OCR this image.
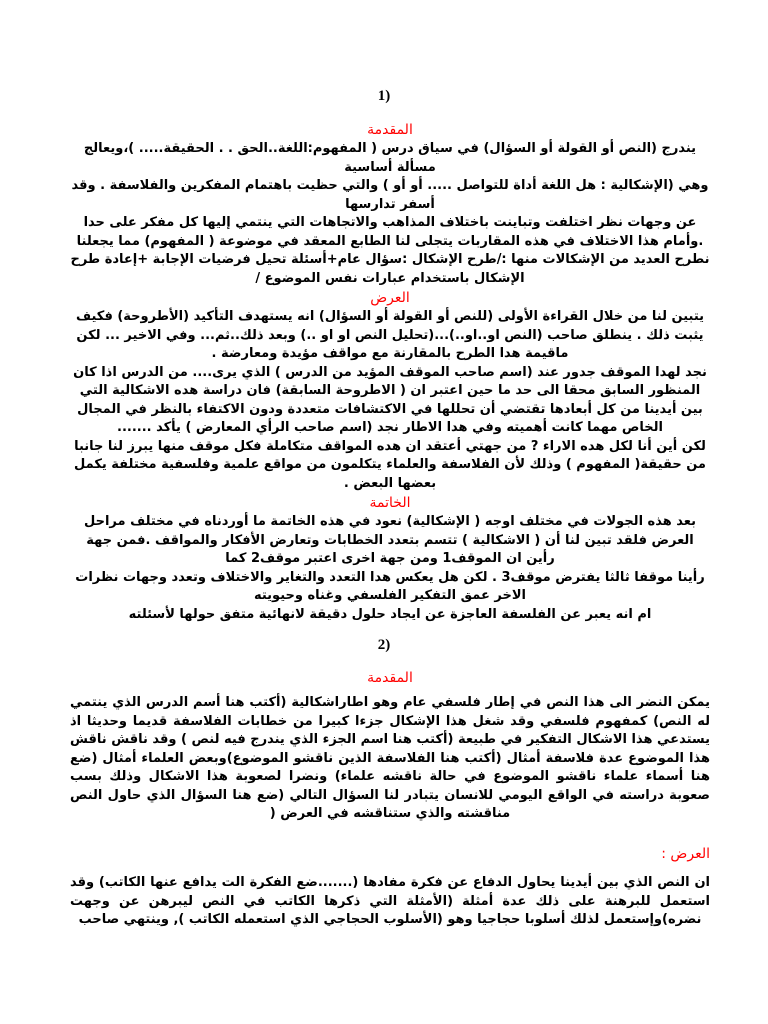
1)
المقدمة

يندرج (النص أو القولة أو السؤال) في سياق درس ( المفهوم:اللغة..الحق . . الحقيقة..... )،ويعالج مسألة أساسية

وهي (الإشكالية : هل اللغة أداة للتواصل ..... أو أو ) والتي حظيت باهتمام المفكرين والفلاسفة . وقد أسفر تدارسها

عن وجهات نظر اختلفت وتباينت باختلاف المذاهب والاتجاهات التي ينتمي إليها كل مفكر على حدا .وأمام هذا الاختلاف في هذه المقاربات يتجلى لنا الطابع المعقد في موضوعة ( المفهوم) مما يجعلنا نطرح العديد من الإشكالات منها :/طرح الإشكال :سؤال عام+أسئلة تحيل فرضيات الإجابة +إعادة طرح الإشكال باستخدام عبارات نفس الموضوع /

العرض

يتبين لنا من خلال القراءة الأولى (للنص أو القولة أو السؤال) انه يستهدف التأكيد (الأطروحة) فكيف يثبت ذلك . ينطلق صاحب (النص او..او..)...(تحليل النص او او ..) وبعد ذلك..ثم... وفي الاخير ... لكن ماقيمة هدا الطرح بالمقارنة مع مواقف مؤيدة ومعارضة .

نجد لهدا الموقف جدور عند (اسم صاحب الموقف المؤيد من الدرس ) الذي يرى.... من الدرس اذا كان المنظور السابق محقا الى حد ما حين اعتبر ان ( الاطروحة السابقة) فان دراسة هده الاشكالية التي بين أيدينا من كل أبعادها تقتضي أن تحللها في الاكتشافات متعددة ودون الاكتفاء بالنظر في المجال الخاص مهما كانت أهميته وفي هدا الاطار نجد (اسم صاحب الرأي المعارض ) يأكد .......

لكن أين أنا لكل هده الاراء ? من جهتي أعتقد ان هده المواقف متكاملة فكل موقف منها يبرز لنا جانبا من حقيقة( المفهوم ) وذلك لأن الفلاسفة والعلماء يتكلمون من مواقع علمية وفلسفية مختلفة يكمل بعضها البعض .

الخاتمة

بعد هذه الجولات في مختلف اوجه ( الإشكالية) نعود في هذه الخاتمة ما أوردناه في مختلف مراحل العرض فلقد تبين لنا أن ( الاشكالية ) تتسم بتعدد الخطابات وتعارض الأفكار والمواقف .فمن جهة رأين ان الموقف1 ومن جهة اخرى اعتبر موقف2 كما

رأينا موقفا ثالثا يفترض موقف3 . لكن هل يعكس هدا التعدد والتغاير والاختلاف وتعدد وجهات نظرات الاخر عمق التفكير الفلسفي وغناه وحيويته

ام انه يعبر عن الفلسفة العاجزة عن ايجاد حلول دقيقة لانهائية متفق حولها لأسئلته

2)
المقدمة

يمكن النضر الى هذا النص في إطار فلسفي عام وهو اطاراشكالية (أكتب هنا أسم الدرس الذي ينتمي له النص) كمفهوم فلسفي وقد شغل هذا الإشكال جزءا كبيرا من خطابات الفلاسفة قديما وحديثا اذ يستدعي هذا الاشكال التفكير في طبيعة (أكتب هنا اسم الجزء الذي يندرج فيه لنص ) وقد ناقش ناقش هذا الموضوع عدة فلاسفة أمثال (أكتب هنا الفلاسفة الذين ناقشو الموضوع)وبعض العلماء أمثال (ضع هنا أسماء علماء ناقشو الموضوع في حالة ناقشه علماء) ونضرا لصعوبة هذا الاشكال وذلك بسب صعوبة دراسته في الواقع اليومي للانسان يتبادر لنا السؤال التالي (ضع هنا السؤال الذي حاول النص مناقشته والذي ستناقشه في العرض (

العرض :

ان النص الذي بين أيدينا يحاول الدفاع عن فكرة مفادها (.......ضع الفكرة الت يدافع عنها الكاتب) وقد استعمل للبرهنة على ذلك عدة أمثلة (الأمثلة التي ذكرها الكاتب في النص ليبرهن عن وجهت نضره)وإستعمل لذلك أسلوبا حجاجيا وهو (الأسلوب الحجاجي الذي استعمله الكاتب ), وينتهي صاحب
